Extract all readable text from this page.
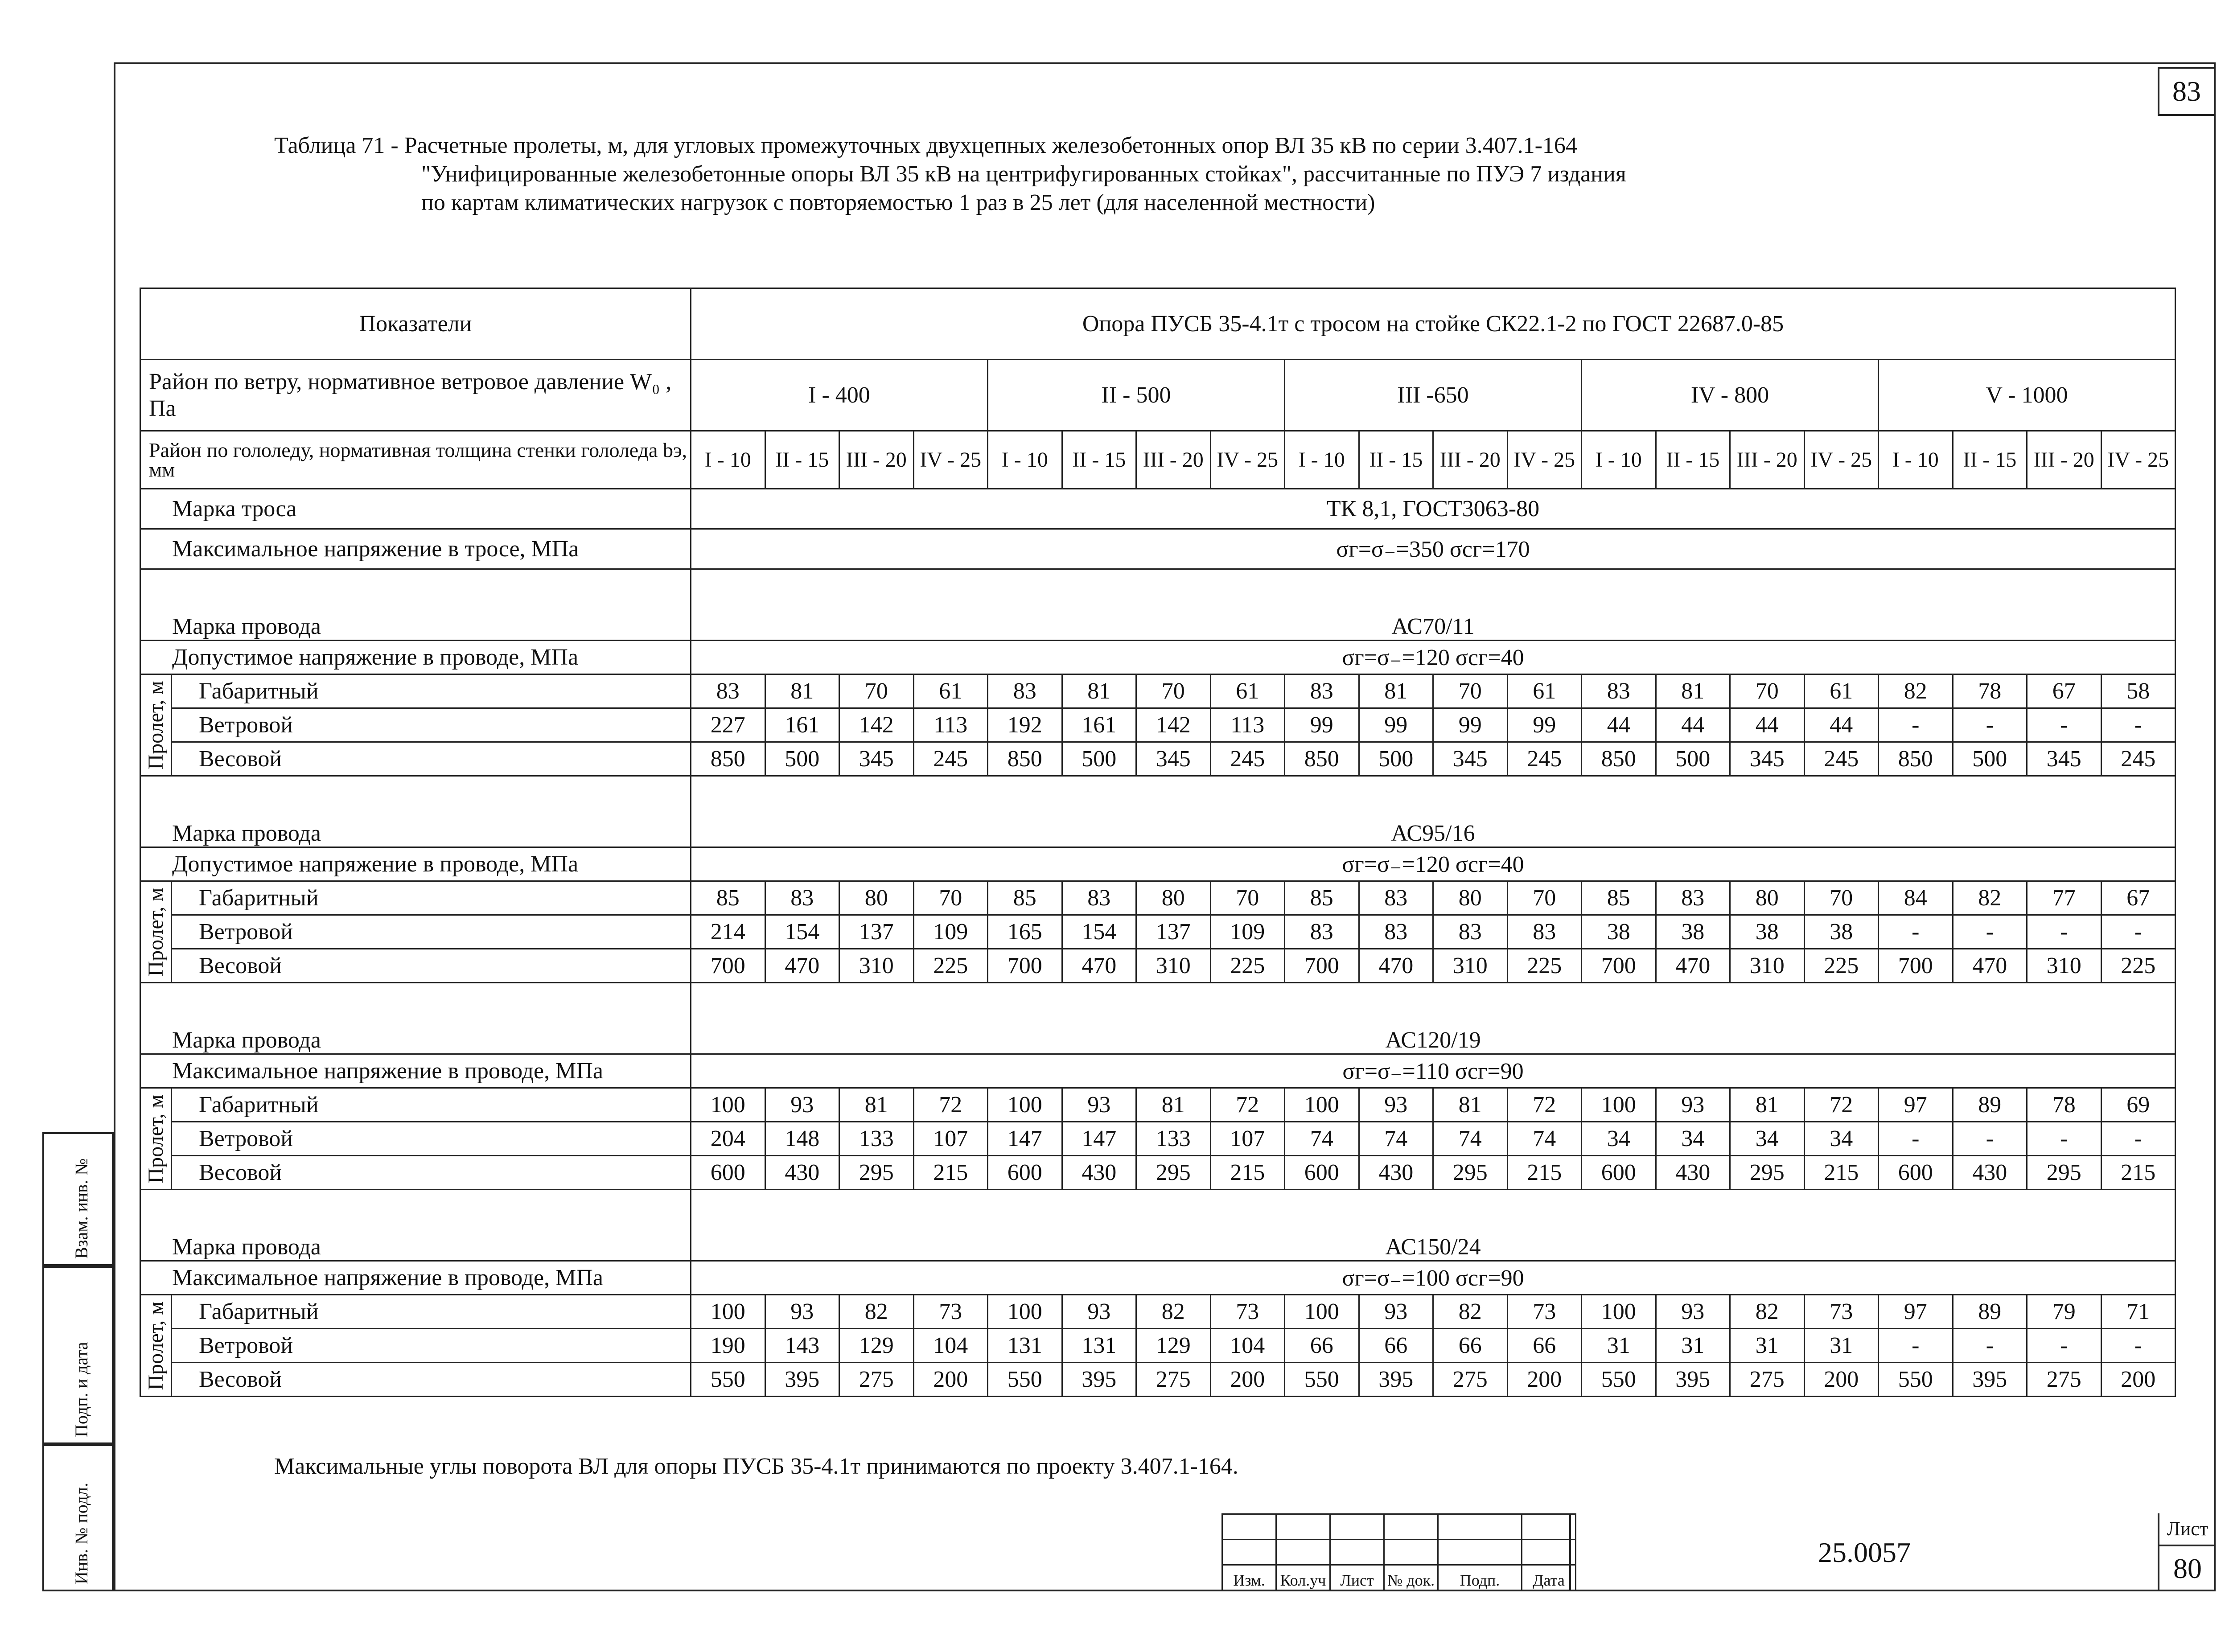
83
Таблица 71 - Расчетные пролеты, м, для угловых промежуточных двухцепных железобетонных опор ВЛ 35 кВ по серии 3.407.1-164
"Унифицированные железобетонные опоры ВЛ 35 кВ на центрифугированных стойках", рассчитанные по ПУЭ 7 издания
по картам климатических нагрузок с повторяемостью 1 раз в 25 лет (для населенной местности)
Показатели		Опора ПУСБ 35-4.1т с тросом на стойке СК22.1-2 по ГОСТ 22687.0-85																			
Район по ветру, нормативное ветровое давление W₀ , Па		I - 400				II - 500				III -650				IV - 800				V - 1000			
Район по гололеду, нормативная толщина стенки гололеда bэ, мм		I - 10	II - 15	III - 20	IV - 25	I - 10	II - 15	III - 20	IV - 25	I - 10	II - 15	III - 20	IV - 25	I - 10	II - 15	III - 20	IV - 25	I - 10	II - 15	III - 20	IV - 25
Марка троса		ТК 8,1, ГОСТ3063-80																			
Максимальное напряжение в тросе, МПа		σг=σ₋=350 σсг=170																			
Марка провода		АС70/11																			
Допустимое напряжение в проводе, МПа		σг=σ₋=120 σсг=40																			

Пролет, м	Габаритный	83	81	70	61	83	81	70	61	83	81	70	61	83	81	70	61	82	78	67	58
	Ветровой	227	161	142	113	192	161	142	113	99	99	99	99	44	44	44	44	-	-	-	-
	Весовой	850	500	345	245	850	500	345	245	850	500	345	245	850	500	345	245	850	500	345	245
Марка провода		АС95/16																			
Допустимое напряжение в проводе, МПа		σг=σ₋=120 σсг=40																			

Пролет, м	Габаритный	85	83	80	70	85	83	80	70	85	83	80	70	85	83	80	70	84	82	77	67
	Ветровой	214	154	137	109	165	154	137	109	83	83	83	83	38	38	38	38	-	-	-	-
	Весовой	700	470	310	225	700	470	310	225	700	470	310	225	700	470	310	225	700	470	310	225
Марка провода		АС120/19																			
Максимальное напряжение в проводе, МПа		σг=σ₋=110 σсг=90																			

Пролет, м	Габаритный	100	93	81	72	100	93	81	72	100	93	81	72	100	93	81	72	97	89	78	69
	Ветровой	204	148	133	107	147	147	133	107	74	74	74	74	34	34	34	34	-	-	-	-
	Весовой	600	430	295	215	600	430	295	215	600	430	295	215	600	430	295	215	600	430	295	215
Марка провода		АС150/24																			
Максимальное напряжение в проводе, МПа		σг=σ₋=100 σсг=90																			

Пролет, м	Габаритный	100	93	82	73	100	93	82	73	100	93	82	73	100	93	82	73	97	89	79	71
	Ветровой	190	143	129	104	131	131	129	104	66	66	66	66	31	31	31	31	-	-	-	-
	Весовой	550	395	275	200	550	395	275	200	550	395	275	200	550	395	275	200	550	395	275	200
Максимальные углы поворота ВЛ для опоры ПУСБ 35-4.1т принимаются по проекту 3.407.1-164.

Изм.	Кол.уч	Лист	№ док.	Подп.	Дата
25.0057
Лист
80
Взам. инв. №
Подп. и дата
Инв. № подл.
